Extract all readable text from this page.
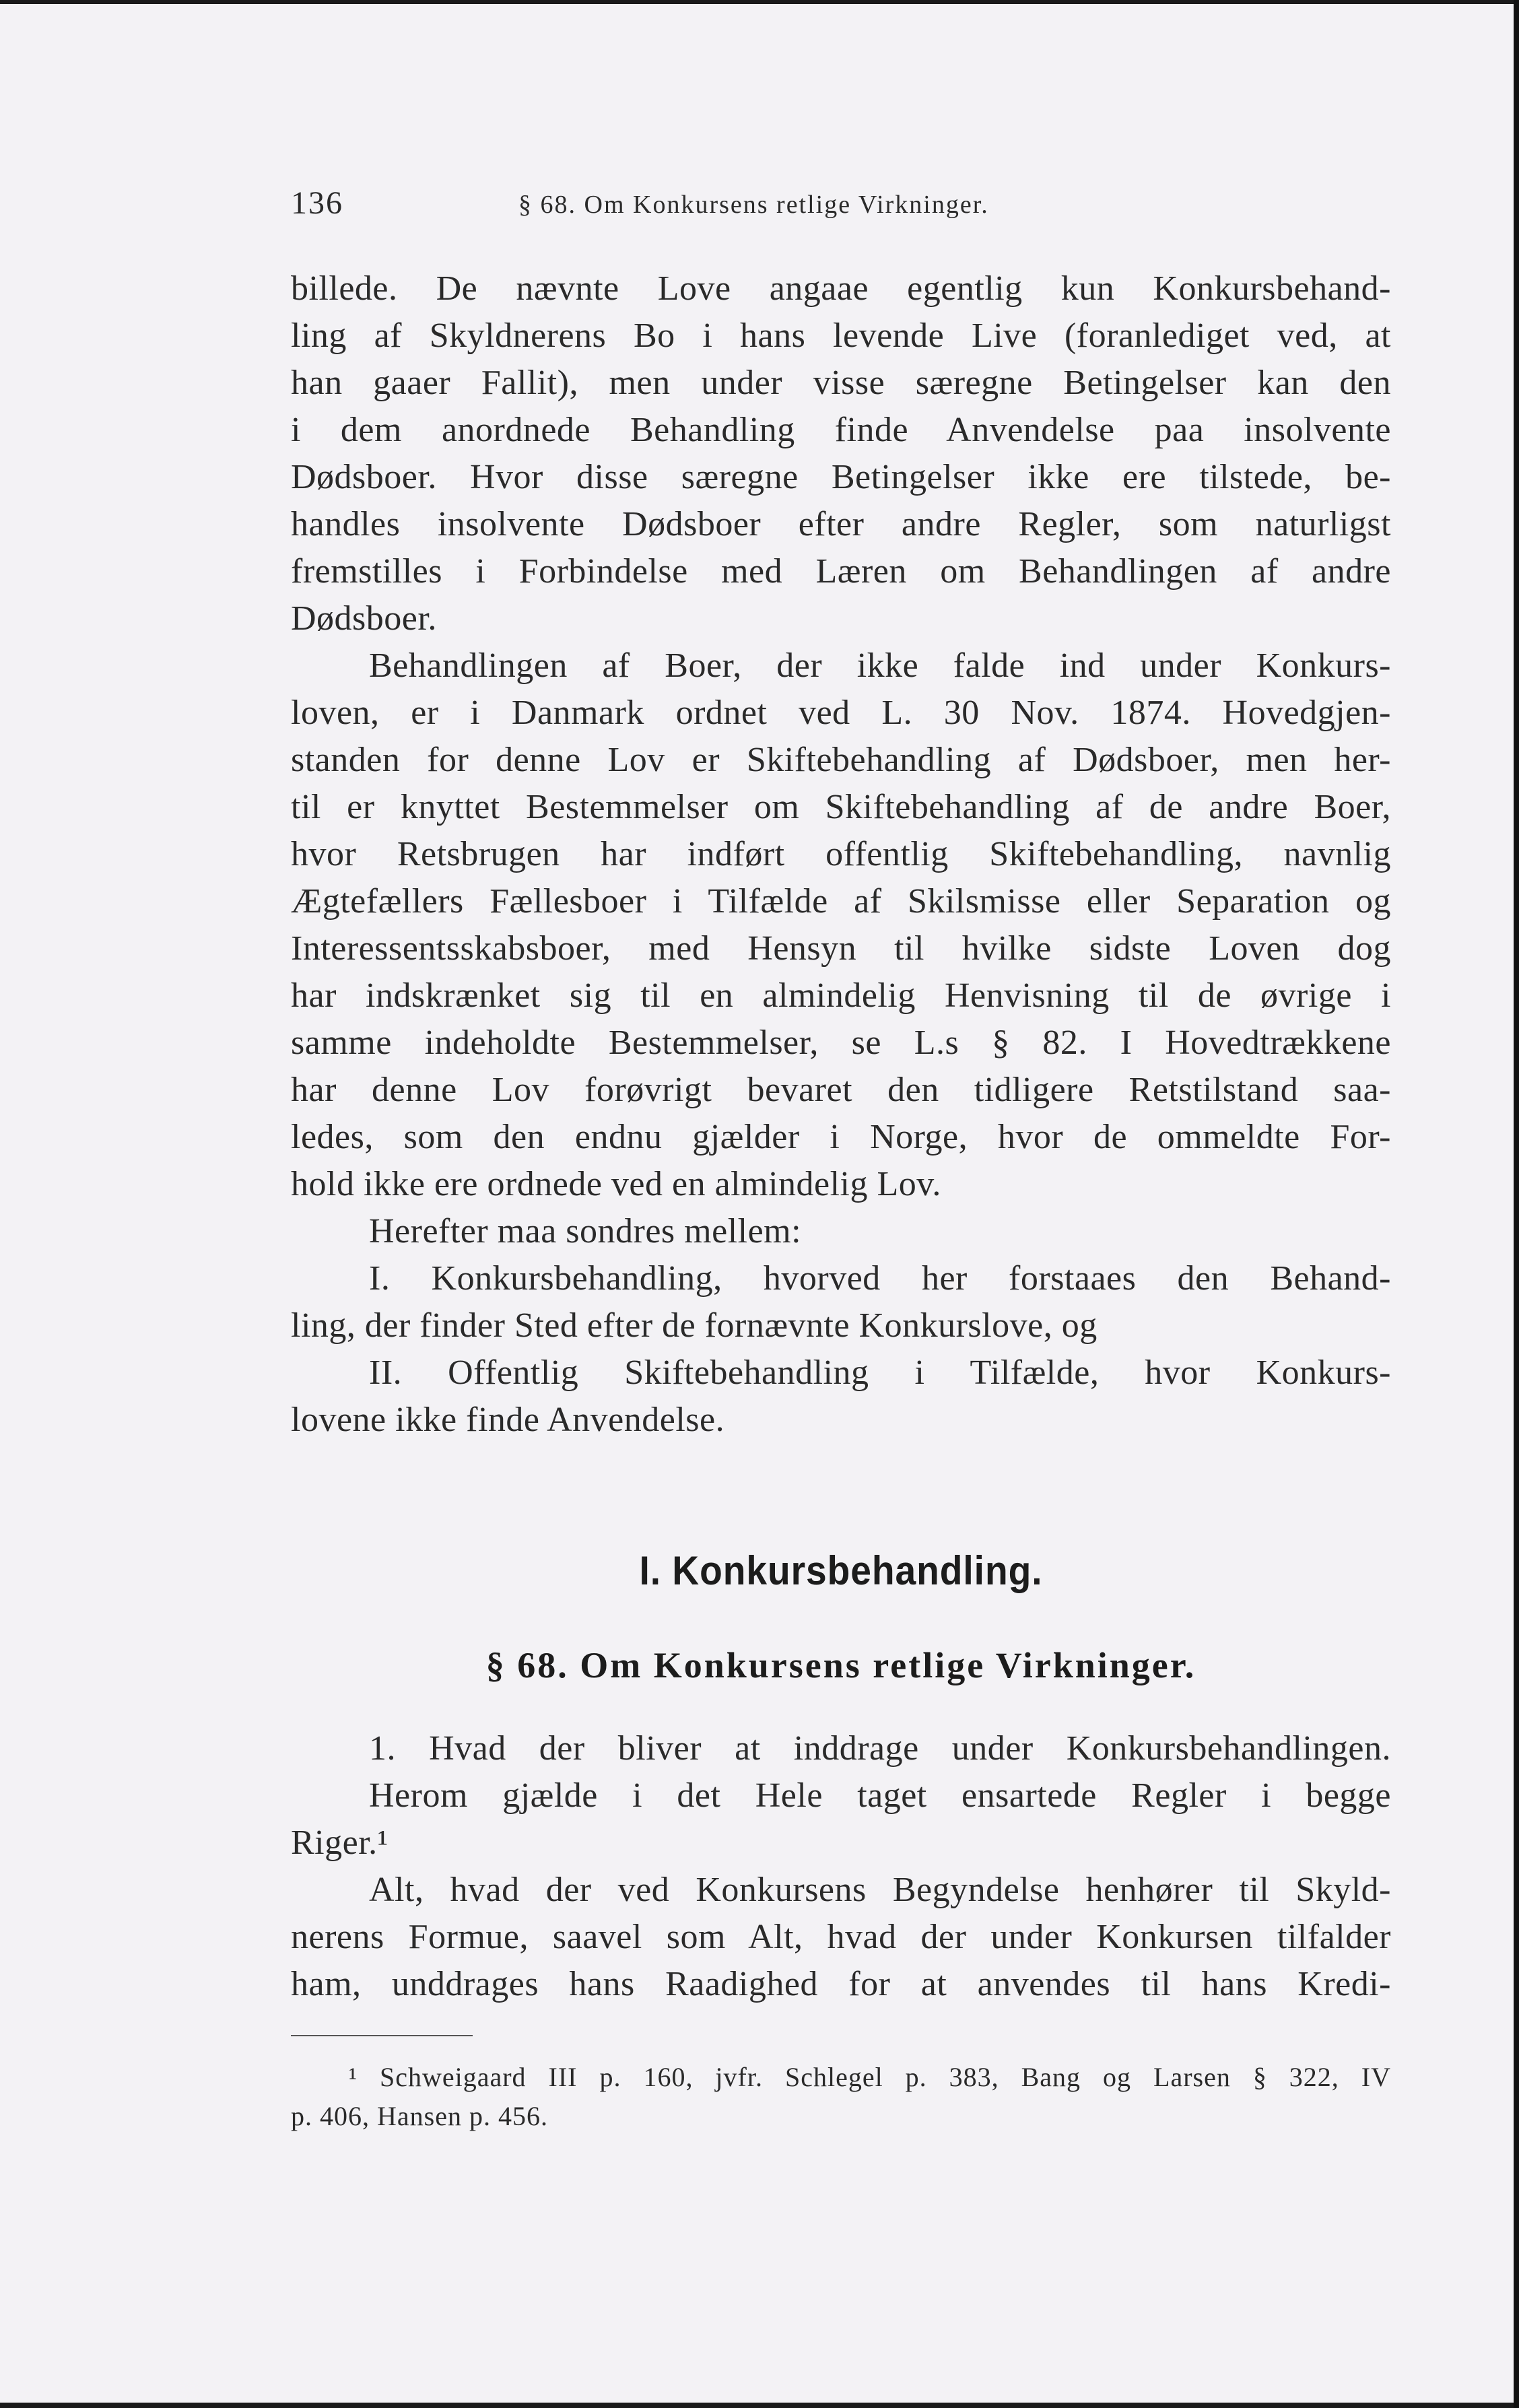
136	§ 68. Om Konkursens retlige Virkninger.
billede. De nævnte Love angaae egentlig kun Konkursbehand-
ling af Skyldnerens Bo i hans levende Live (foranlediget ved, at
han gaaer Fallit), men under visse særegne Betingelser kan den
i dem anordnede Behandling finde Anvendelse paa insolvente
Dødsboer. Hvor disse særegne Betingelser ikke ere tilstede, be-
handles insolvente Dødsboer efter andre Regler, som naturligst
fremstilles i Forbindelse med Læren om Behandlingen af andre
Dødsboer.
Behandlingen af Boer, der ikke falde ind under Konkurs-
loven, er i Danmark ordnet ved L. 30 Nov. 1874. Hovedgjen-
standen for denne Lov er Skiftebehandling af Dødsboer, men her-
til er knyttet Bestemmelser om Skiftebehandling af de andre Boer,
hvor Retsbrugen har indført offentlig Skiftebehandling, navnlig
Ægtefællers Fællesboer i Tilfælde af Skilsmisse eller Separation og
Interessentsskabsboer, med Hensyn til hvilke sidste Loven dog
har indskrænket sig til en almindelig Henvisning til de øvrige i
samme indeholdte Bestemmelser, se L.s § 82. I Hovedtrækkene
har denne Lov forøvrigt bevaret den tidligere Retstilstand saa-
ledes, som den endnu gjælder i Norge, hvor de ommeldte For-
hold ikke ere ordnede ved en almindelig Lov.
Herefter maa sondres mellem:
I. Konkursbehandling, hvorved her forstaaes den Behand-
ling, der finder Sted efter de fornævnte Konkurslove, og
II. Offentlig Skiftebehandling i Tilfælde, hvor Konkurs-
lovene ikke finde Anvendelse.
I. Konkursbehandling.
§ 68. Om Konkursens retlige Virkninger.
1. Hvad der bliver at inddrage under Konkursbehandlingen.
Herom gjælde i det Hele taget ensartede Regler i begge
Riger.¹
Alt, hvad der ved Konkursens Begyndelse henhører til Skyld-
nerens Formue, saavel som Alt, hvad der under Konkursen tilfalder
ham, unddrages hans Raadighed for at anvendes til hans Kredi-
¹ Schweigaard III p. 160, jvfr. Schlegel p. 383, Bang og Larsen § 322, IV
p. 406, Hansen p. 456.
